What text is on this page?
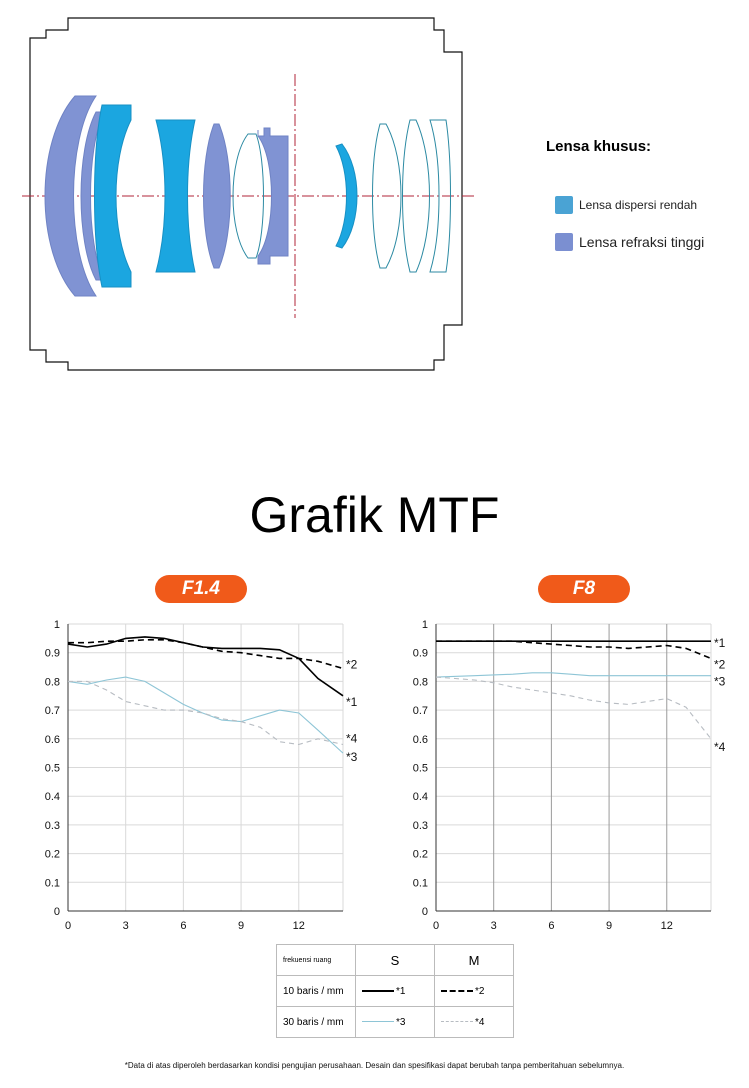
Lensa khusus:
Lensa dispersi rendah
Lensa refraksi tinggi
Grafik MTF
F1.4	F8
0
0.1
0.2
0.3
0.4
0.5
0.6
0.7
0.8
0.9
1
0	3	6	9	12
*1
*2
*3
*4
0
0.1
0.2
0.3
0.4
0.5
0.6
0.7
0.8
0.9
1
0	3	6	9	12
*1
*2
*3
*4
frekuensi ruang	S	M
10 baris / mm	*1	*2
30 baris / mm	*3	*4
*Data di atas diperoleh berdasarkan kondisi pengujian perusahaan. Desain dan spesifikasi dapat berubah tanpa pemberitahuan sebelumnya.
